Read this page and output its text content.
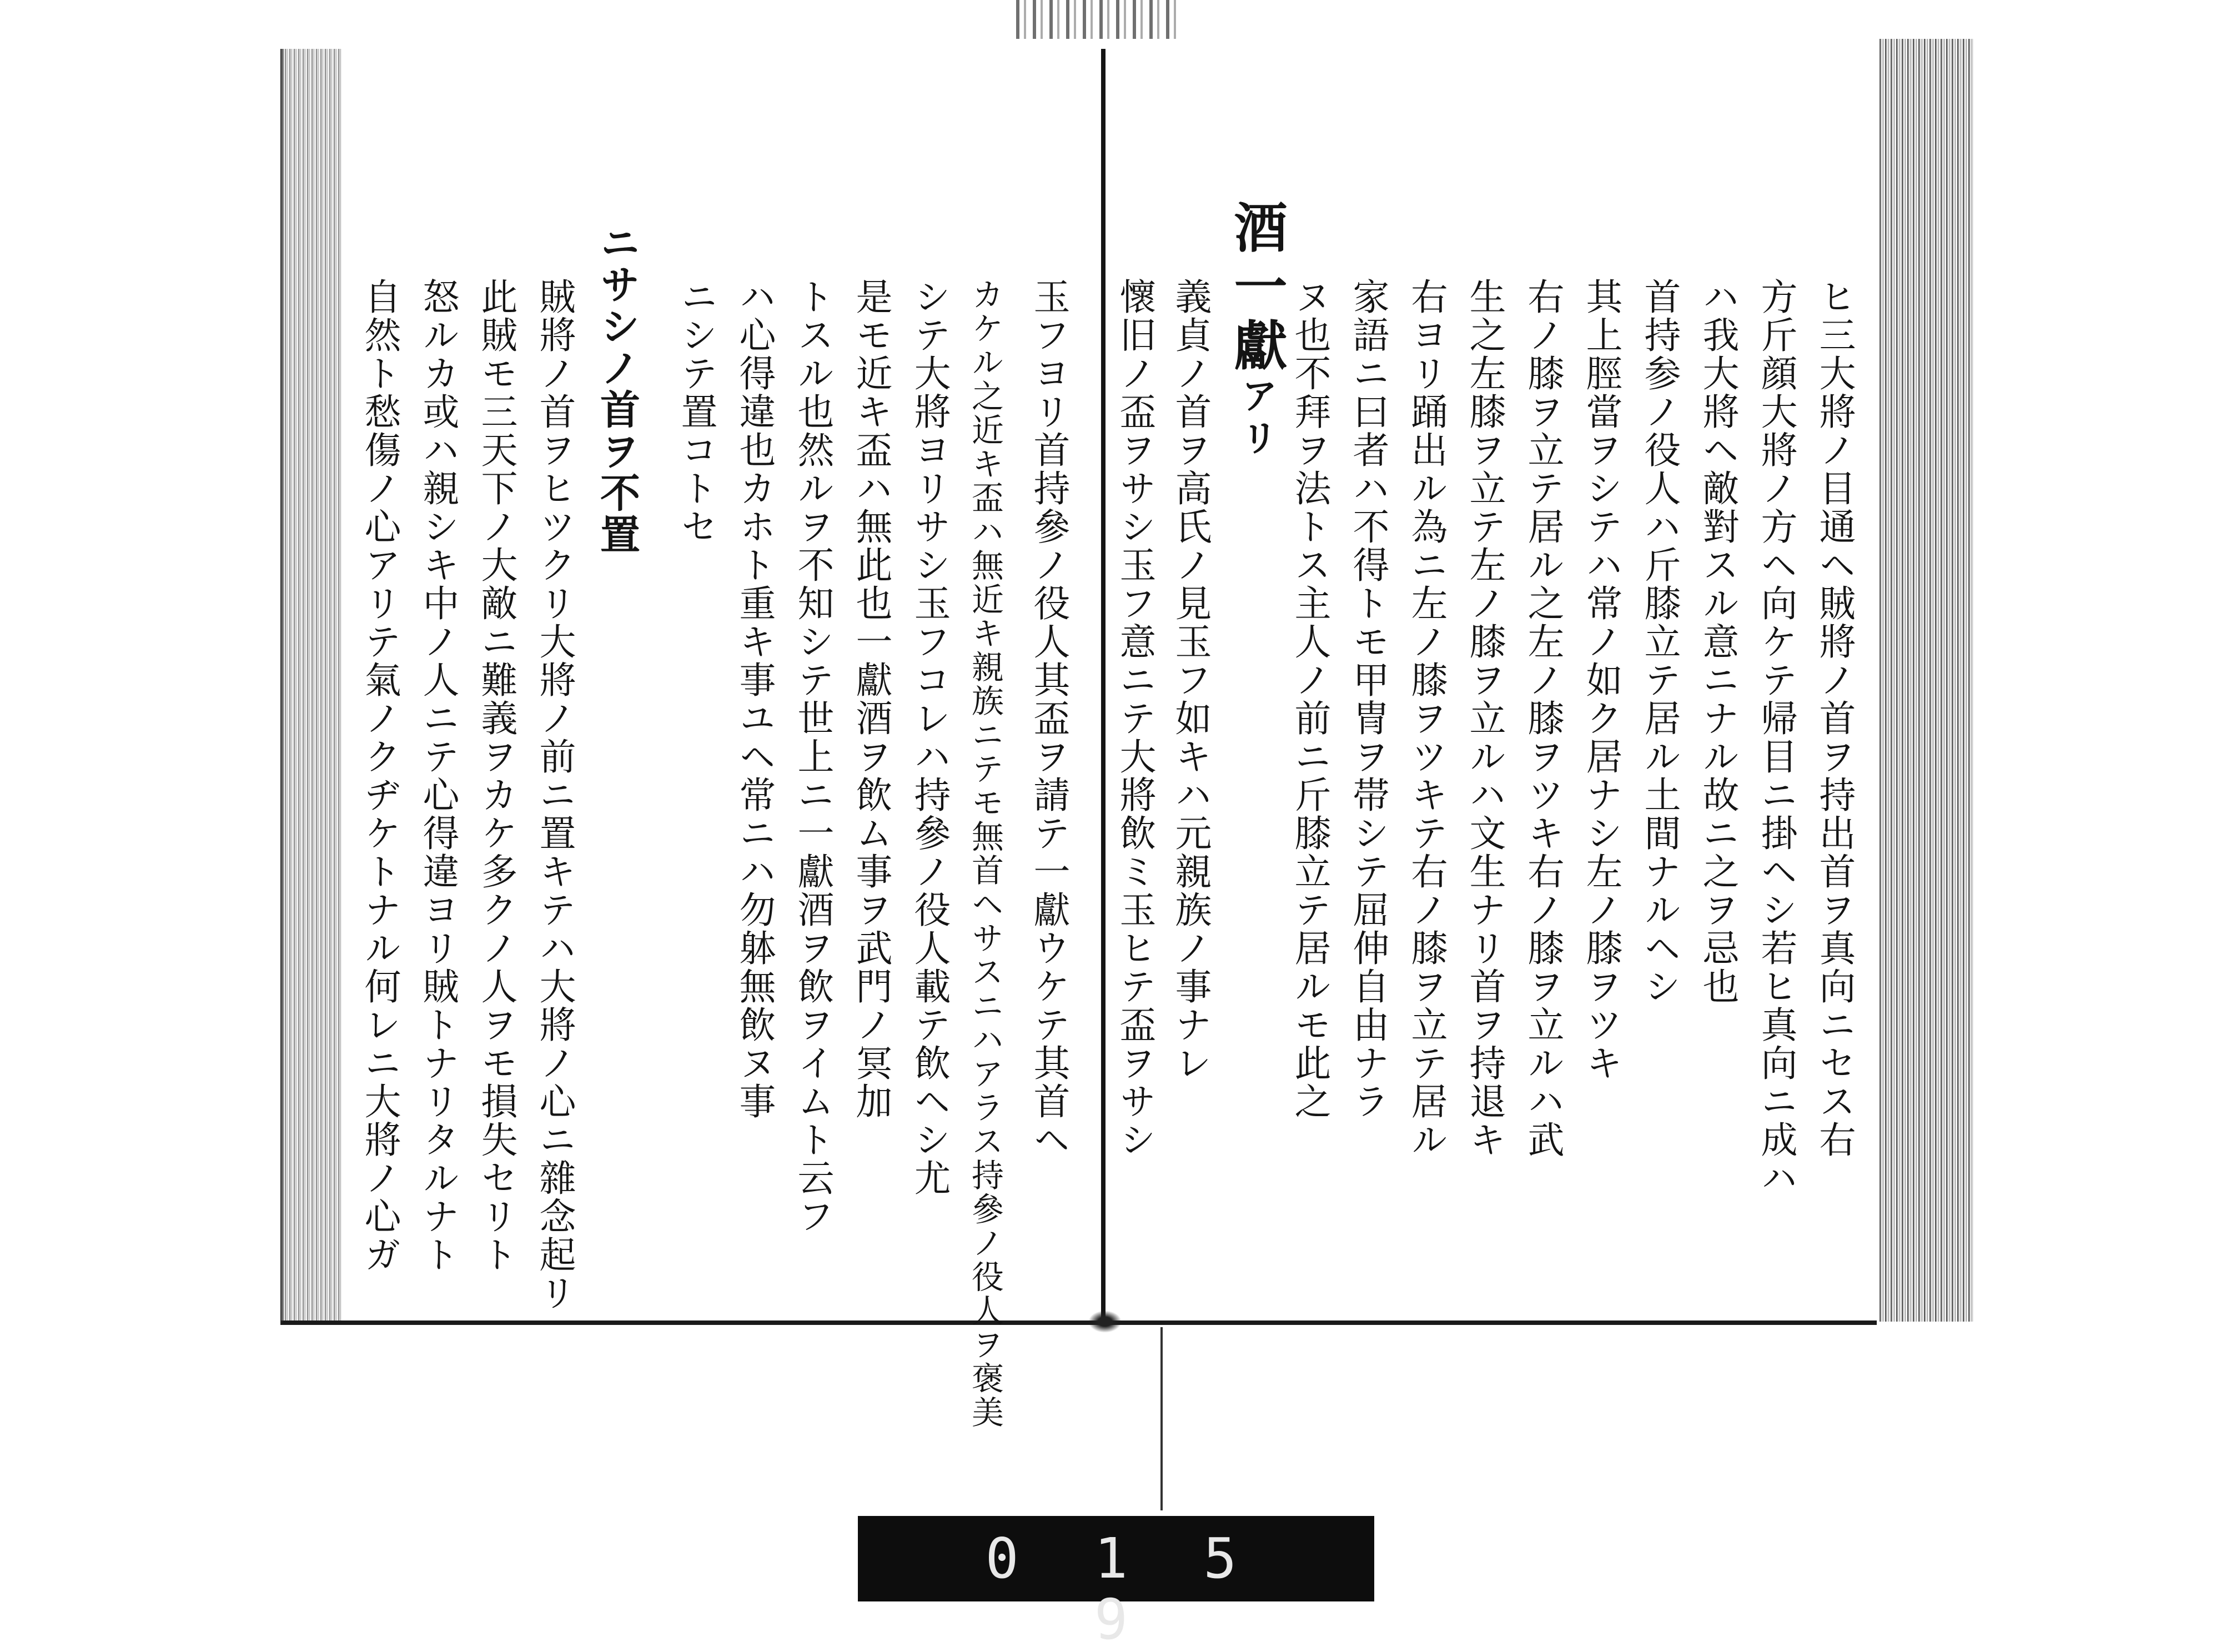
ヒ三大將ノ目通ヘ賊將ノ首ヲ持出首ヲ真向ニセス右
方斤顔大將ノ方ヘ向ケテ帰目ニ掛ヘシ若ヒ真向ニ成ハ
ハ我大將ヘ敵對スル意ニナル故ニ之ヲ忌也
首持参ノ役人ハ斤膝立テ居ル土間ナルヘシ
其上脛當ヲシテハ常ノ如ク居ナシ左ノ膝ヲツキ
右ノ膝ヲ立テ居ル之左ノ膝ヲツキ右ノ膝ヲ立ルハ武
生之左膝ヲ立テ左ノ膝ヲ立ルハ文生ナリ首ヲ持退キ
右ヨリ踊出ル為ニ左ノ膝ヲツキテ右ノ膝ヲ立テ居ル
家語ニ曰者ハ不得トモ甲冑ヲ帯シテ屈伸自由ナラ
ヌ也不拜ヲ法トス主人ノ前ニ斤膝立テ居ルモ此之
酒一獻アリ
義貞ノ首ヲ高氏ノ見玉フ如キハ元親族ノ事ナレ
懷旧ノ盃ヲサシ玉フ意ニテ大將飲ミ玉ヒテ盃ヲサシ
玉フヨリ首持參ノ役人其盃ヲ請テ一獻ウケテ其首ヘ
カケル之近キ盃ハ無近キ親族ニテモ無首ヘサスニハアラス持參ノ役人ヲ褒美
シテ大將ヨリサシ玉フコレハ持參ノ役人載テ飲ヘシ尤
是モ近キ盃ハ無此也一獻酒ヲ飲ム事ヲ武門ノ冥加
トスル也然ルヲ不知シテ世上ニ一獻酒ヲ飲ヲイムト云フ
ハ心得違也カホト重キ事ユヘ常ニハ勿躰無飲ヌ事
ニシテ置コトセ
ニサシノ首ヲ不置
賊將ノ首ヲヒツクリ大將ノ前ニ置キテハ大將ノ心ニ雜念起リ
此賊モ三天下ノ大敵ニ難義ヲカケ多クノ人ヲモ損失セリト
怒ルカ或ハ親シキ中ノ人ニテ心得違ヨリ賊トナリタルナト
自然ト愁傷ノ心アリテ氣ノクヂケトナル何レニ大將ノ心ガ
0 1 5 9
